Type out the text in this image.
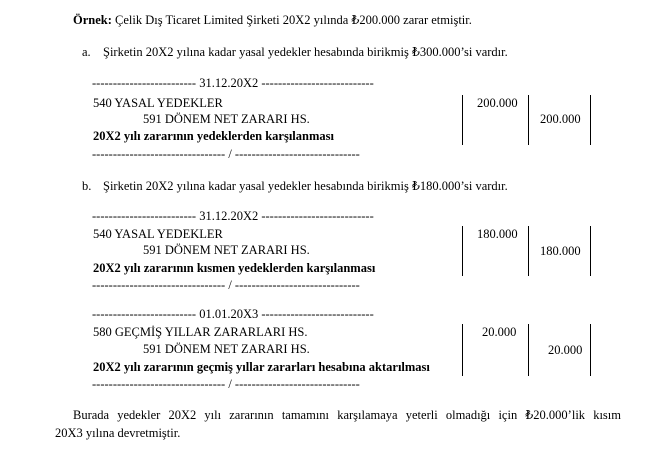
Örnek: Çelik Dış Ticaret Limited Şirketi 20X2 yılında ₺200.000 zarar etmiştir.
a. Şirketin 20X2 yılına kadar yasal yedekler hesabında birikmiş ₺300.000’si vardır.
------------------------- 31.12.20X2 ---------------------------
540 YASAL YEDEKLER
591 DÖNEM NET ZARARI HS.
20X2 yılı zararının yedeklerden karşılanması
-------------------------------- / ------------------------------
200.000
200.000
b. Şirketin 20X2 yılına kadar yasal yedekler hesabında birikmiş ₺180.000’si vardır.
------------------------- 31.12.20X2 ---------------------------
540 YASAL YEDEKLER
591 DÖNEM NET ZARARI HS.
20X2 yılı zararının kısmen yedeklerden karşılanması
-------------------------------- / ------------------------------
180.000
180.000
------------------------- 01.01.20X3 ---------------------------
580 GEÇMİŞ YILLAR ZARARLARI HS.
591 DÖNEM NET ZARARI HS.
20X2 yılı zararının geçmiş yıllar zararları hesabına aktarılması
-------------------------------- / ------------------------------
20.000
20.000
Burada yedekler 20X2 yılı zararının tamamını karşılamaya yeterli olmadığı için ₺20.000’lik kısım
20X3 yılına devretmiştir.
